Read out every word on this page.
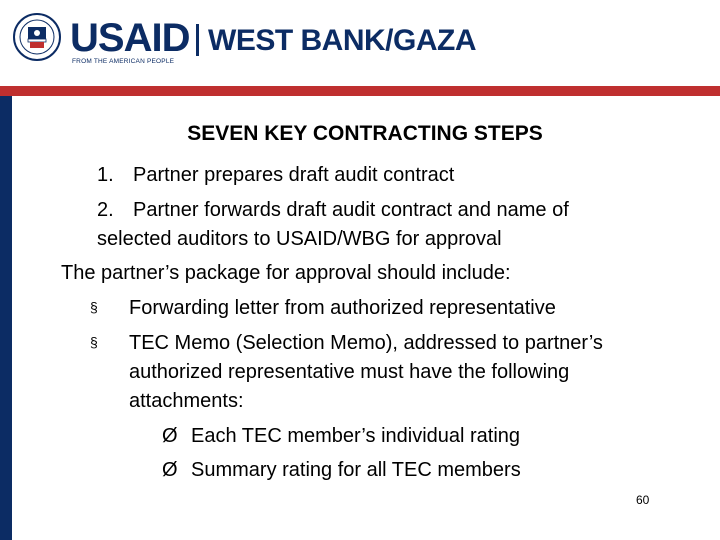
USAID
FROM THE AMERICAN PEOPLE
WEST BANK/GAZA
SEVEN KEY CONTRACTING STEPS
1. Partner prepares draft audit contract
2. Partner forwards draft audit contract and name of
selected auditors to USAID/WBG for approval
The partner’s package for approval should include:
§ Forwarding letter from authorized representative
§ TEC Memo (Selection Memo), addressed to partner’s
authorized representative must have the following
attachments:
Ø Each TEC member’s individual rating
Ø Summary rating for all TEC members
60
